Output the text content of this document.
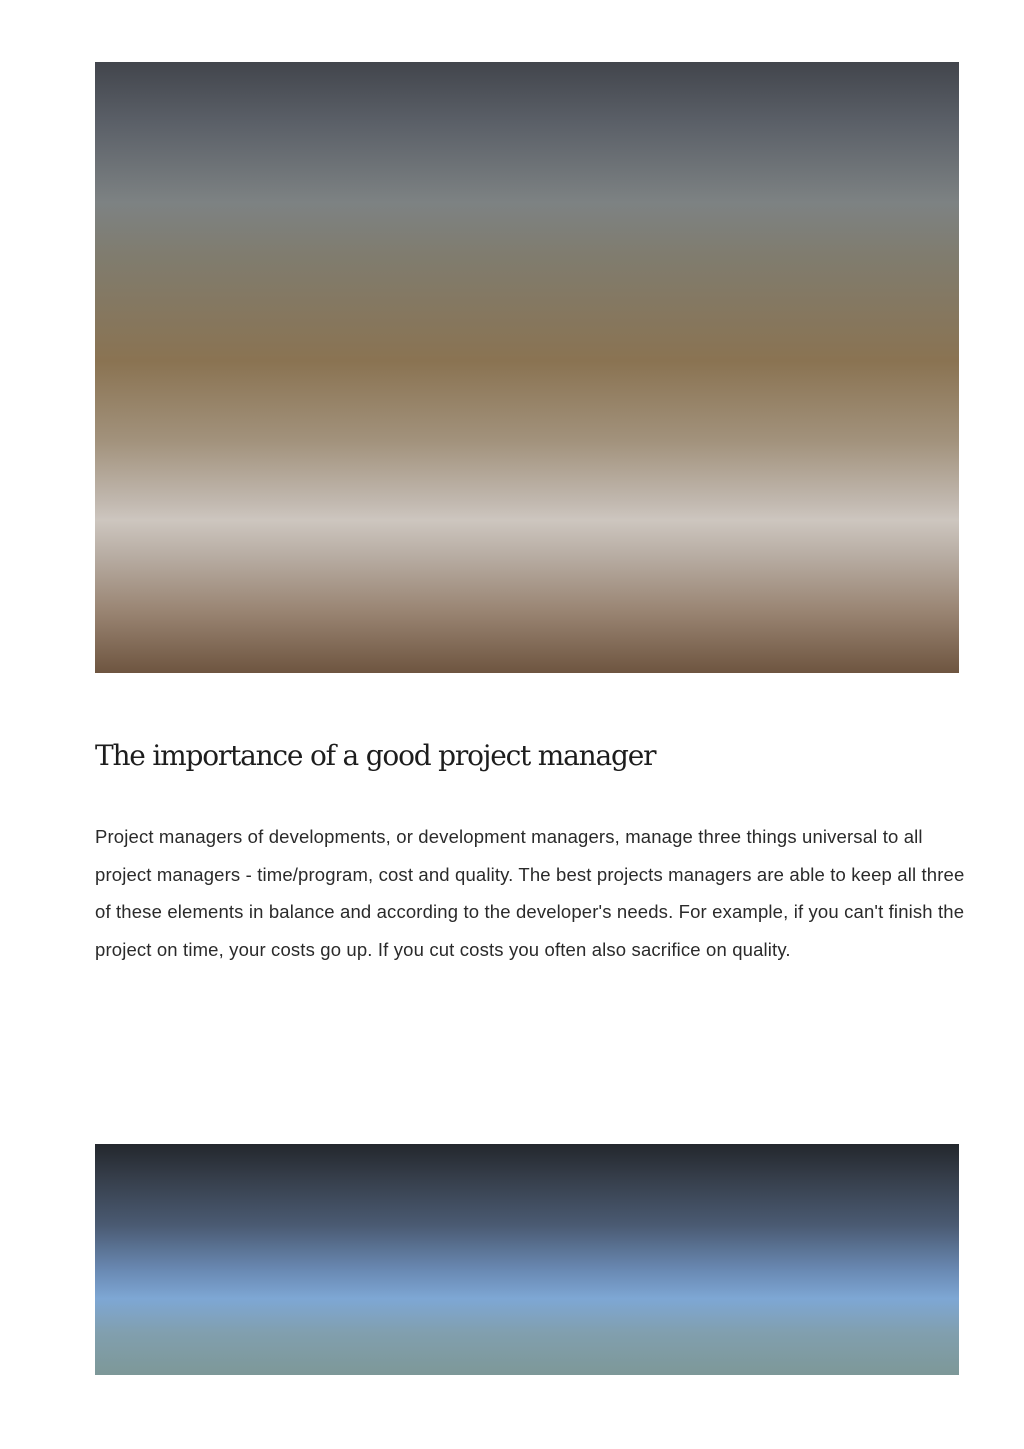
The importance of a good project manager

Project managers of developments, or development managers, manage three things universal to all project managers - time/program, cost and quality. The best projects managers are able to keep all three of these elements in balance and according to the developer's needs. For example, if you can't finish the project on time, your costs go up. If you cut costs you often also sacrifice on quality.
